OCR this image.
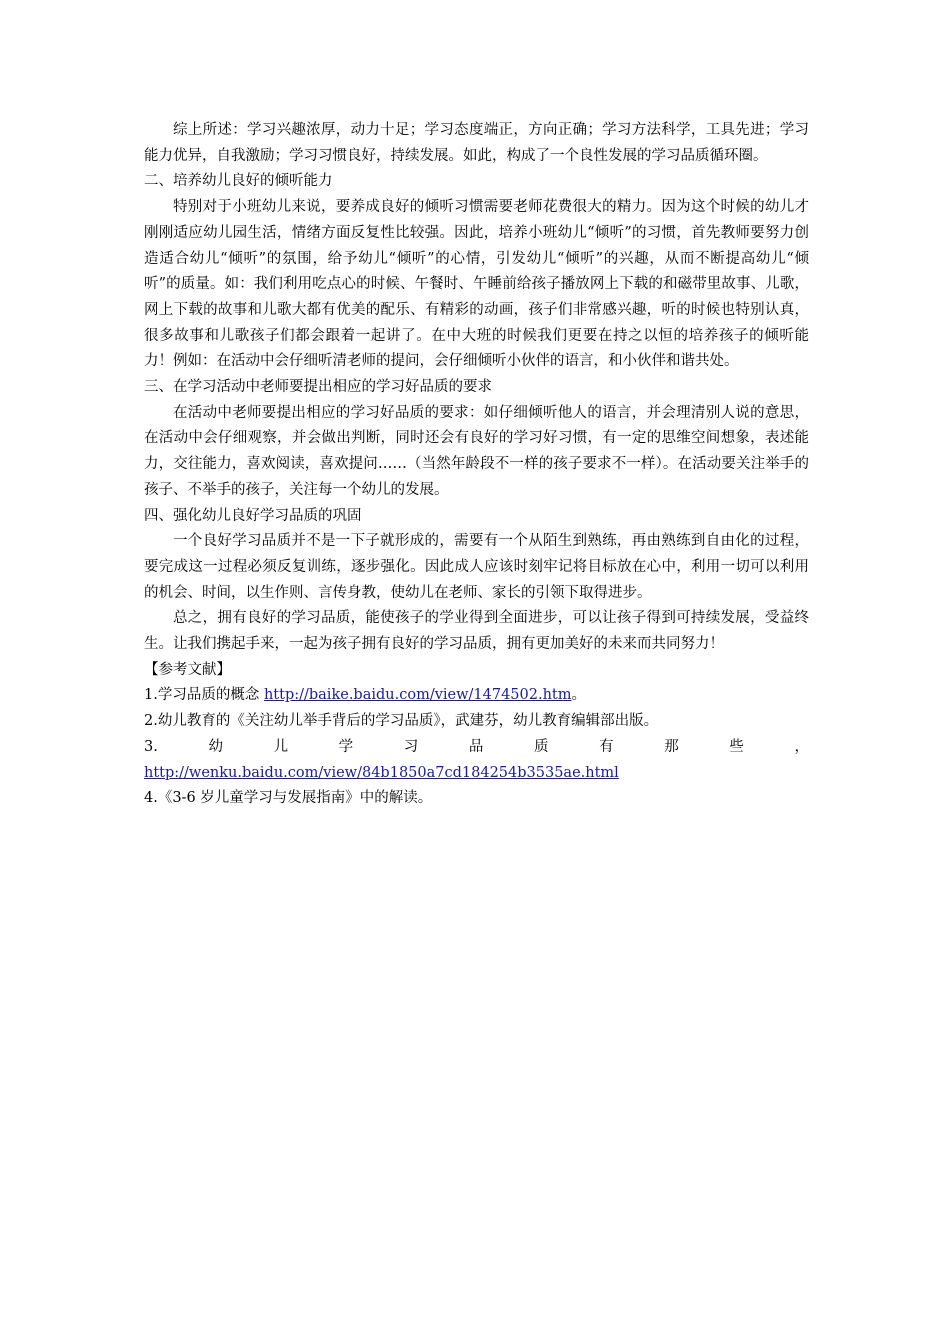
综上所述：学习兴趣浓厚，动力十足；学习态度端正，方向正确；学习方法科学，工具先进；学习能力优异，自我激励；学习习惯良好，持续发展。如此，构成了一个良性发展的学习品质循环圈。

二、培养幼儿良好的倾听能力

特别对于小班幼儿来说，要养成良好的倾听习惯需要老师花费很大的精力。因为这个时候的幼儿才刚刚适应幼儿园生活，情绪方面反复性比较强。因此，培养小班幼儿“倾听”的习惯，首先教师要努力创造适合幼儿“倾听”的氛围，给予幼儿“倾听”的心情，引发幼儿“倾听”的兴趣，从而不断提高幼儿“倾听”的质量。如：我们利用吃点心的时候、午餐时、午睡前给孩子播放网上下载的和磁带里故事、儿歌，网上下载的故事和儿歌大都有优美的配乐、有精彩的动画，孩子们非常感兴趣，听的时候也特别认真，很多故事和儿歌孩子们都会跟着一起讲了。在中大班的时候我们更要在持之以恒的培养孩子的倾听能力！例如：在活动中会仔细听清老师的提问，会仔细倾听小伙伴的语言，和小伙伴和谐共处。

三、在学习活动中老师要提出相应的学习好品质的要求

在活动中老师要提出相应的学习好品质的要求：如仔细倾听他人的语言，并会理清别人说的意思，在活动中会仔细观察，并会做出判断，同时还会有良好的学习好习惯，有一定的思维空间想象，表述能力，交往能力，喜欢阅读，喜欢提问……（当然年龄段不一样的孩子要求不一样）。在活动要关注举手的孩子、不举手的孩子，关注每一个幼儿的发展。

四、强化幼儿良好学习品质的巩固

一个良好学习品质并不是一下子就形成的，需要有一个从陌生到熟练，再由熟练到自由化的过程，要完成这一过程必须反复训练，逐步强化。因此成人应该时刻牢记将目标放在心中，利用一切可以利用的机会、时间，以生作则、言传身教，使幼儿在老师、家长的引领下取得进步。

总之，拥有良好的学习品质，能使孩子的学业得到全面进步，可以让孩子得到可持续发展，受益终生。让我们携起手来，一起为孩子拥有良好的学习品质，拥有更加美好的未来而共同努力！

【参考文献】

1.学习品质的概念 http://baike.baidu.com/view/1474502.htm。

2.幼儿教育的《关注幼儿举手背后的学习品质》，武建芬，幼儿教育编辑部出版。

3.	幼	儿	学	习	品	质	有	那	些	，

http://wenku.baidu.com/view/84b1850a7cd184254b3535ae.html

4.《3-6 岁儿童学习与发展指南》中的解读。
